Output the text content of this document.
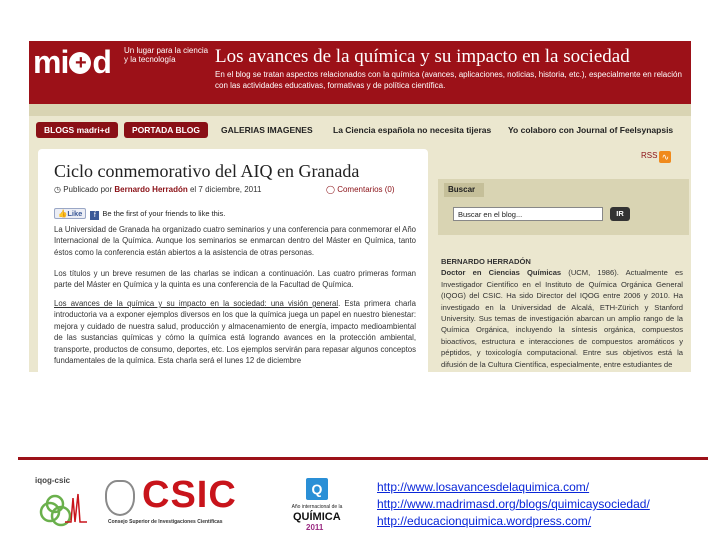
mi + d Un lugar para la ciencia y la tecnología	Los avances de la química y su impacto en la sociedad
En el blog se tratan aspectos relacionados con la química (avances, aplicaciones, noticias, historia, etc.), especialmente en relación con las actividades educativas, formativas y de política científica.
BLOGS madri+d	PORTADA BLOG	GALERIAS IMAGENES La Ciencia española no necesita tijeras Yo colaboro con Journal of Feelsynapsis
Ciclo conmemorativo del AIQ en Granada
◷ Publicado por Bernardo Herradón el 7 diciembre, 2011	◯ Comentarios (0)
👍Like f Be the first of your friends to like this.
La Universidad de Granada ha organizado cuatro seminarios y una conferencia para conmemorar el Año Internacional de la Química. Aunque los seminarios se enmarcan dentro del Máster en Química, tanto éstos como la conferencia están abiertos a la asistencia de otras personas.
Los títulos y un breve resumen de las charlas se indican a continuación. Las cuatro primeras forman parte del Máster en Química y la quinta es una conferencia de la Facultad de Química.
Los avances de la química y su impacto en la sociedad: una visión general. Esta primera charla introductoria va a exponer ejemplos diversos en los que la química juega un papel en nuestro bienestar: mejora y cuidado de nuestra salud, producción y almacenamiento de energía, impacto medioambiental de las sustancias químicas y cómo la química está logrando avances en la protección ambiental, transporte, productos de consumo, deportes, etc. Los ejemplos servirán para repasar algunos conceptos fundamentales de la química. Esta charla será el lunes 12 de diciembre
RSS ∿
Buscar
Buscar en el blog...	IR
BERNARDO HERRADÓN
Doctor en Ciencias Químicas (UCM, 1986). Actualmente es Investigador Científico en el Instituto de Química Orgánica General (IQOG) del CSIC. Ha sido Director del IQOG entre 2006 y 2010. Ha investigado en la Universidad de Alcalá, ETH-Zürich y Stanford University. Sus temas de investigación abarcan un amplio rango de la Química Orgánica, incluyendo la síntesis orgánica, compuestos bioactivos, estructura e interacciones de compuestos aromáticos y péptidos, y toxicología computacional. Entre sus objetivos está la difusión de la Cultura Científica, especialmente, entre estudiantes de
iqog-csic CSIC
Consejo Superior de Investigaciones Científicas
Q
Año internacional de la
QUÍMICA
2011
http://www.losavancesdelaquimica.com/
http://www.madrimasd.org/blogs/quimicaysociedad/
http://educacionquimica.wordpress.com/
